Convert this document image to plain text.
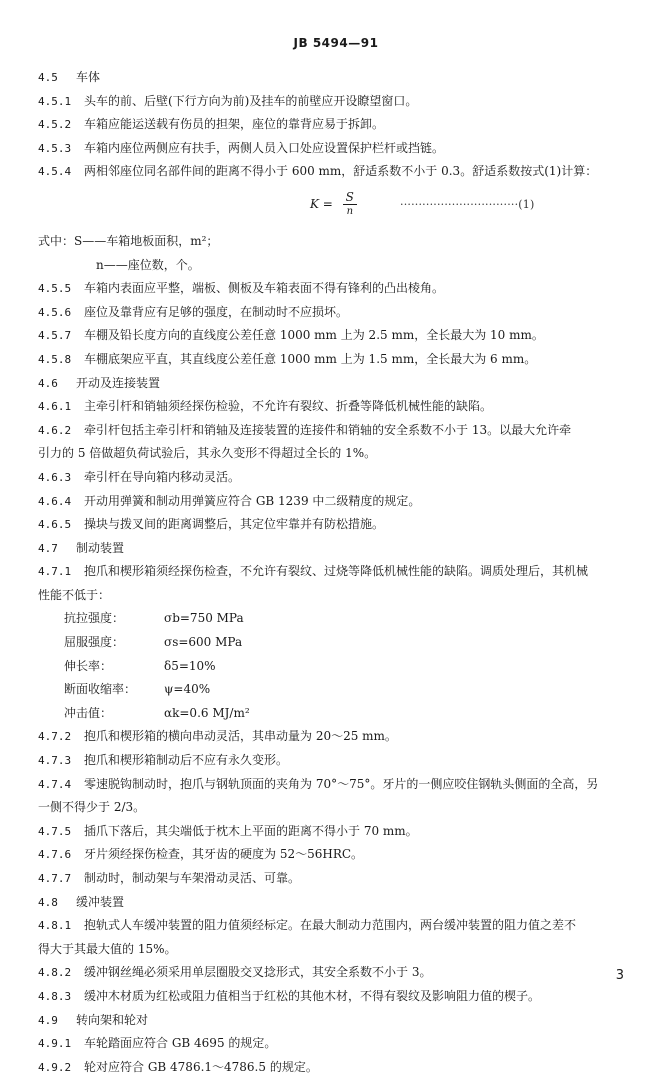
JB 5494—91
4.5 车体
4.5.1 头车的前、后壁(下行方向为前)及挂车的前壁应开设瞭望窗口。
4.5.2 车箱应能运送载有伤员的担架，座位的靠背应易于拆卸。
4.5.3 车箱内座位两侧应有扶手，两侧人员入口处应设置保护栏杆或挡链。
4.5.4 两相邻座位同名部件间的距离不得小于 600 mm，舒适系数不小于 0.3。舒适系数按式(1)计算：
$K = \frac{S}{n}$	································(1)
式中：S——车箱地板面积，m²；
n——座位数，个。
4.5.5 车箱内表面应平整，端板、侧板及车箱表面不得有锋利的凸出棱角。
4.5.6 座位及靠背应有足够的强度，在制动时不应损坏。
4.5.7 车棚及铅长度方向的直线度公差任意 1000 mm 上为 2.5 mm，全长最大为 10 mm。
4.5.8 车棚底架应平直，其直线度公差任意 1000 mm 上为 1.5 mm，全长最大为 6 mm。
4.6 开动及连接装置
4.6.1 主牵引杆和销轴须经探伤检验，不允许有裂纹、折叠等降低机械性能的缺陷。
4.6.2 牵引杆包括主牵引杆和销轴及连接装置的连接件和销轴的安全系数不小于 13。以最大允许牵
引力的 5 倍做超负荷试验后，其永久变形不得超过全长的 1%。
4.6.3 牵引杆在导向箱内移动灵活。
4.6.4 开动用弹簧和制动用弹簧应符合 GB 1239 中二级精度的规定。
4.6.5 操块与拨叉间的距离调整后，其定位牢靠并有防松措施。
4.7 制动装置
4.7.1 抱爪和楔形箱须经探伤检查，不允许有裂纹、过烧等降低机械性能的缺陷。调质处理后，其机械
性能不低于：
抗拉强度：	σb=750 MPa
屈服强度：	σs=600 MPa
伸长率：	δ5=10%
断面收缩率： ψ=40%
冲击值：	αk=0.6 MJ/m²
4.7.2 抱爪和楔形箱的横向串动灵活，其串动量为 20～25 mm。
4.7.3 抱爪和楔形箱制动后不应有永久变形。
4.7.4 零速脱钩制动时，抱爪与钢轨顶面的夹角为 70°～75°。牙片的一侧应咬住钢轨头侧面的全高，另
一侧不得少于 2/3。
4.7.5 插爪下落后，其尖端低于枕木上平面的距离不得小于 70 mm。
4.7.6 牙片须经探伤检查，其牙齿的硬度为 52～56HRC。
4.7.7 制动时，制动架与车架滑动灵活、可靠。
4.8 缓冲装置
4.8.1 抱轨式人车缓冲装置的阻力值须经标定。在最大制动力范围内，两台缓冲装置的阻力值之差不
得大于其最大值的 15%。
4.8.2 缓冲钢丝绳必须采用单层圈股交叉捻形式，其安全系数不小于 3。
4.8.3 缓冲木材质为红松或阻力值相当于红松的其他木材，不得有裂纹及影响阻力值的楔子。
4.9 转向架和轮对
4.9.1 车轮踏面应符合 GB 4695 的规定。
4.9.2 轮对应符合 GB 4786.1～4786.5 的规定。
3
